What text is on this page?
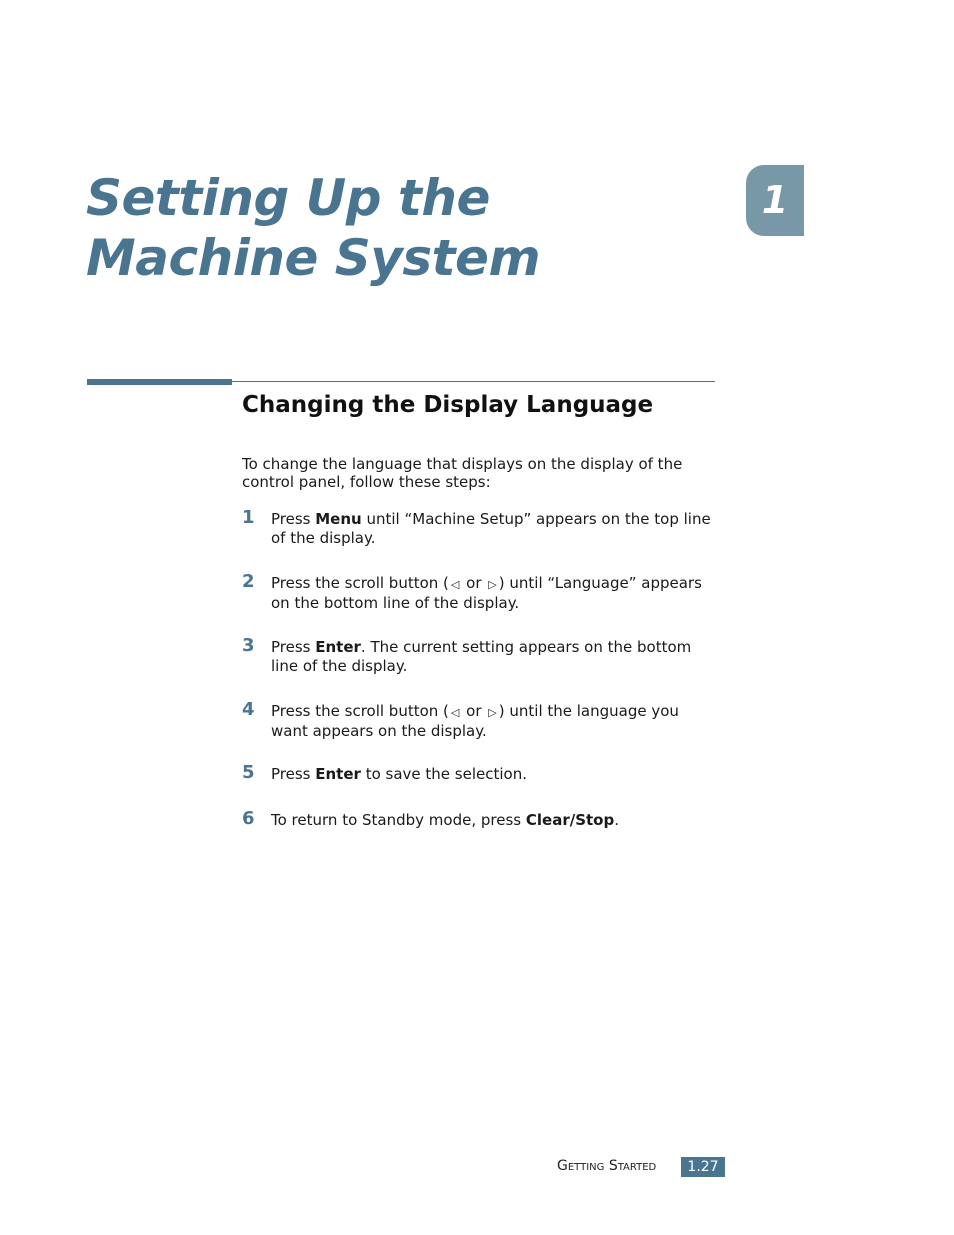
Setting Up the Machine System
1
Changing the Display Language

To change the language that displays on the display of the control panel, follow these steps:

1 Press Menu until “Machine Setup” appears on the top line of the display.

2 Press the scroll button ( ◁ or ▷ ) until “Language” appears on the bottom line of the display.

3 Press Enter. The current setting appears on the bottom line of the display.

4 Press the scroll button ( ◁ or ▷ ) until the language you want appears on the display.

5 Press Enter to save the selection.

6 To return to Standby mode, press Clear/Stop.

Getting Started	1.27
